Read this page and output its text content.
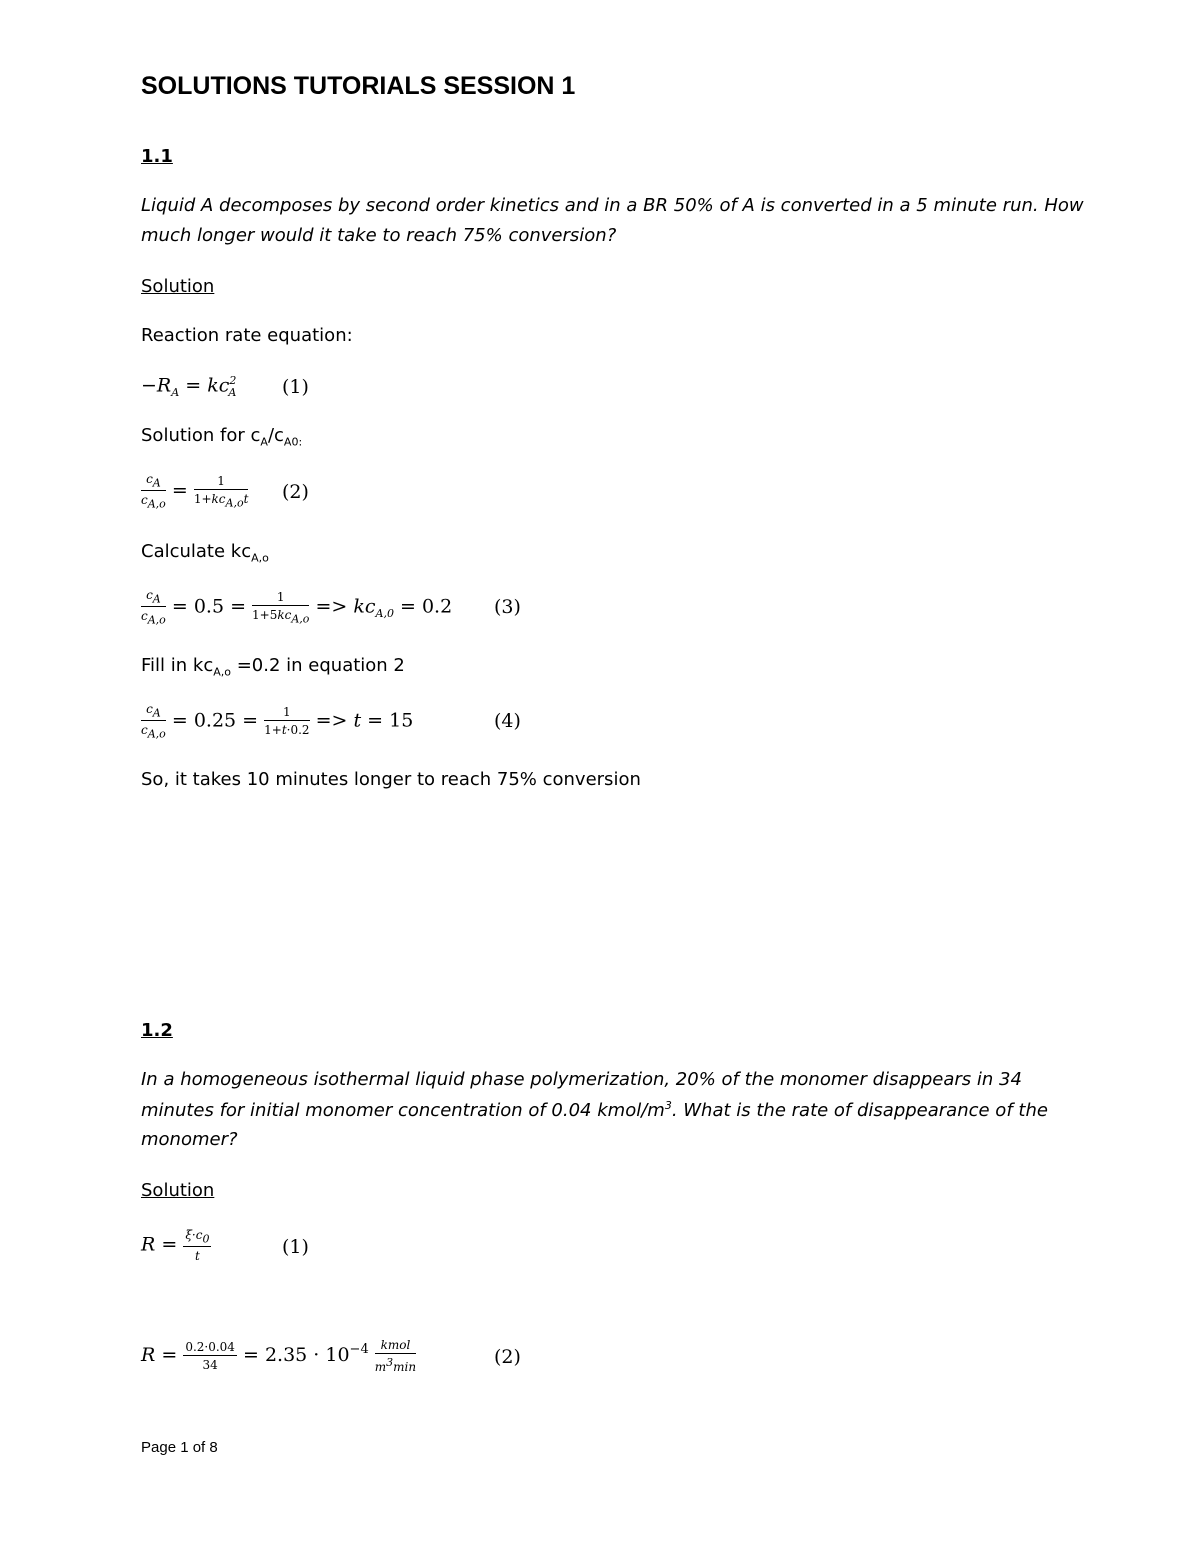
SOLUTIONS TUTORIALS SESSION 1
1.1
Liquid A decomposes by second order kinetics and in a BR 50% of A is converted in a 5 minute run. How
much longer would it take to reach 75% conversion?
Solution
Reaction rate equation:
$-R_A = kc^2_A$ (1)
Solution for $c_A/c_{A0:}$
$\frac{c_A}{c_{A,o}} = \frac{1}{1+kc_{A,o}t} (2)$
Calculate $kc_{A,o}$
$\frac{c_A}{c_{A,o}} = 0.5 = \frac{1}{1+5kc_{A,o}} => kc_{A,0} = 0.2$ (3)
Fill in $kc_{A,o} =0.2$ in equation 2
$\frac{c_A}{c_{A,o}} = 0.25 = \frac{1}{1+t\cdot 0.2} => t = 15$	(4)
So, it takes 10 minutes longer to reach 75% conversion
1.2
In a homogeneous isothermal liquid phase polymerization, 20% of the monomer disappears in 34
minutes for initial monomer concentration of 0.04 kmol/$m^3$. What is the rate of disappearance of the
monomer?
Solution
$R = \frac{\xi\cdot c_0}{t}$	(1)
$R = \frac{0.2\cdot 0.04}{34} = 2.35 \cdot 10^{-4} \frac{\text{kmol}}{m^3\min}$	(2)
Page 1 of 8
